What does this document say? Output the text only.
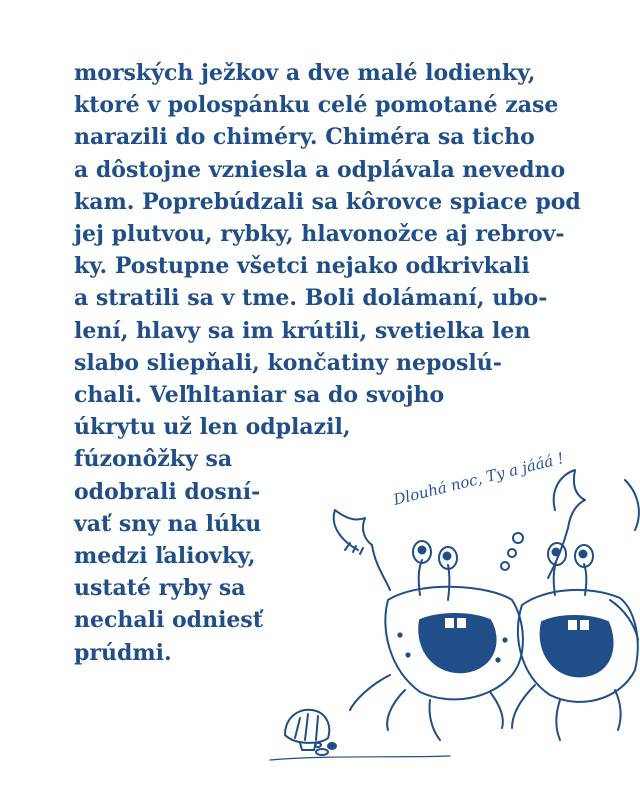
morských ježkov a dve malé lodienky,
ktoré v polospánku celé pomotané zase
narazili do chiméry. Chiméra sa ticho
a dôstojne vzniesla a odplávala nevedno
kam. Poprebúdzali sa kôrovce spiace pod
jej plutvou, rybky, hlavonožce aj rebrov-
ky. Postupne všetci nejako odkrivkali
a stratili sa v tme. Boli dolámaní, ubo-
lení, hlavy sa im krútili, svetielka len
slabo sliepňali, končatiny neposlú-
chali. Veľhltaniar sa do svojho
úkrytu už len odplazil,
fúzonôžky sa
odobrali dosní-
vať sny na lúku
medzi ľaliovky,
ustaté ryby sa
nechali odniesť
prúdmi.
Dlouhá noc, Ty a jááá !
